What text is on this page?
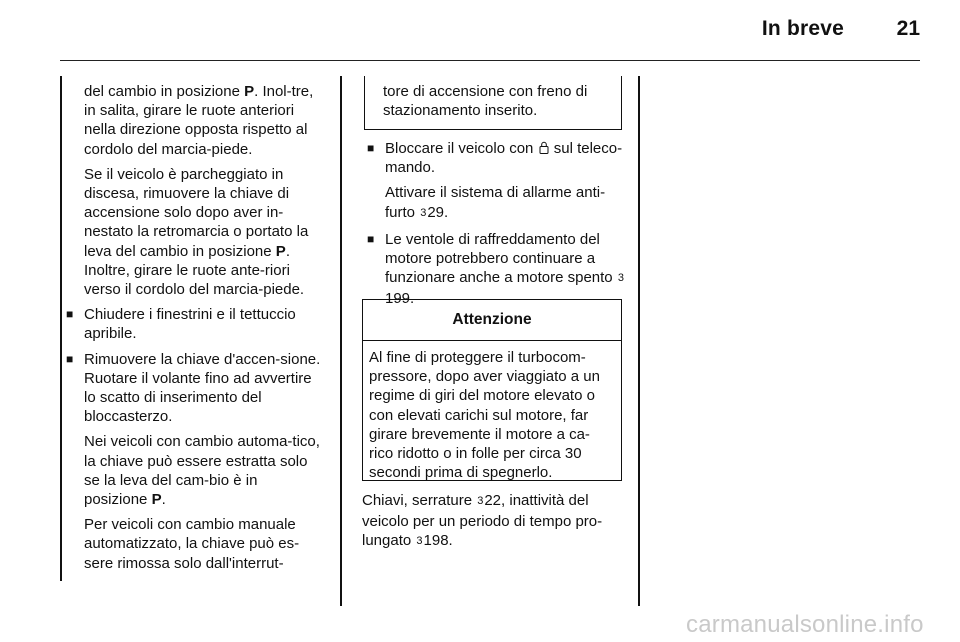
In breve	21
del cambio in posizione P. Inol-tre, in salita, girare le ruote anteriori nella direzione opposta rispetto al cordolo del marcia-piede.
Se il veicolo è parcheggiato in discesa, rimuovere la chiave di accensione solo dopo aver in-nestato la retromarcia o portato la leva del cambio in posizione P. Inoltre, girare le ruote ante-riori verso il cordolo del marcia-piede.
■ Chiudere i finestrini e il tettuccio apribile.
■ Rimuovere la chiave d'accen-sione. Ruotare il volante fino ad avvertire lo scatto di inserimento del bloccasterzo.
Nei veicoli con cambio automa-tico, la chiave può essere estratta solo se la leva del cam-bio è in posizione P.
Per veicoli con cambio manuale automatizzato, la chiave può es-sere rimossa solo dall'interrut-
tore di accensione con freno di stazionamento inserito.
■ Bloccare il veicolo con sul teleco-mando.
Attivare il sistema di allarme anti-furto 329.
■ Le ventole di raffreddamento del motore potrebbero continuare a funzionare anche a motore spento 3199.
Attenzione
Al fine di proteggere il turbocom-pressore, dopo aver viaggiato a un regime di giri del motore elevato o con elevati carichi sul motore, far girare brevemente il motore a ca-rico ridotto o in folle per circa 30 secondi prima di spegnerlo.
Chiavi, serrature 322, inattività del veicolo per un periodo di tempo pro-lungato 3198.
carmanualsonline.info
